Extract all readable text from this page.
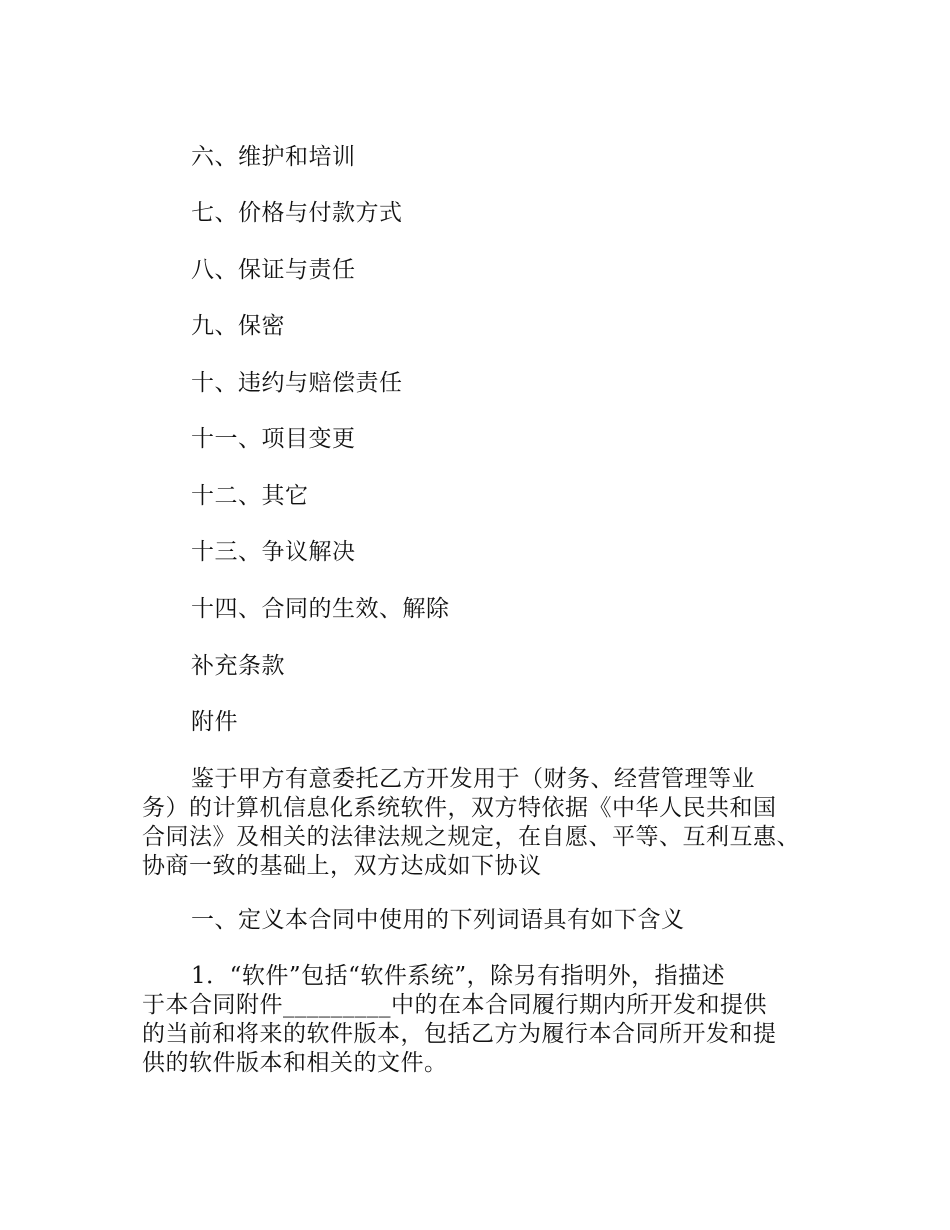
六、维护和培训
七、价格与付款方式
八、保证与责任
九、保密
十、违约与赔偿责任
十一、项目变更
十二、其它
十三、争议解决
十四、合同的生效、解除
补充条款
附件
鉴于甲方有意委托乙方开发用于（财务、经营管理等业
务）的计算机信息化系统软件，双方特依据《中华人民共和国
合同法》及相关的法律法规之规定，在自愿、平等、互利互惠、
协商一致的基础上，双方达成如下协议
一、定义本合同中使用的下列词语具有如下含义
1．“软件”包括“软件系统”，除另有指明外，指描述
于本合同附件_________中的在本合同履行期内所开发和提供
的当前和将来的软件版本，包括乙方为履行本合同所开发和提
供的软件版本和相关的文件。
